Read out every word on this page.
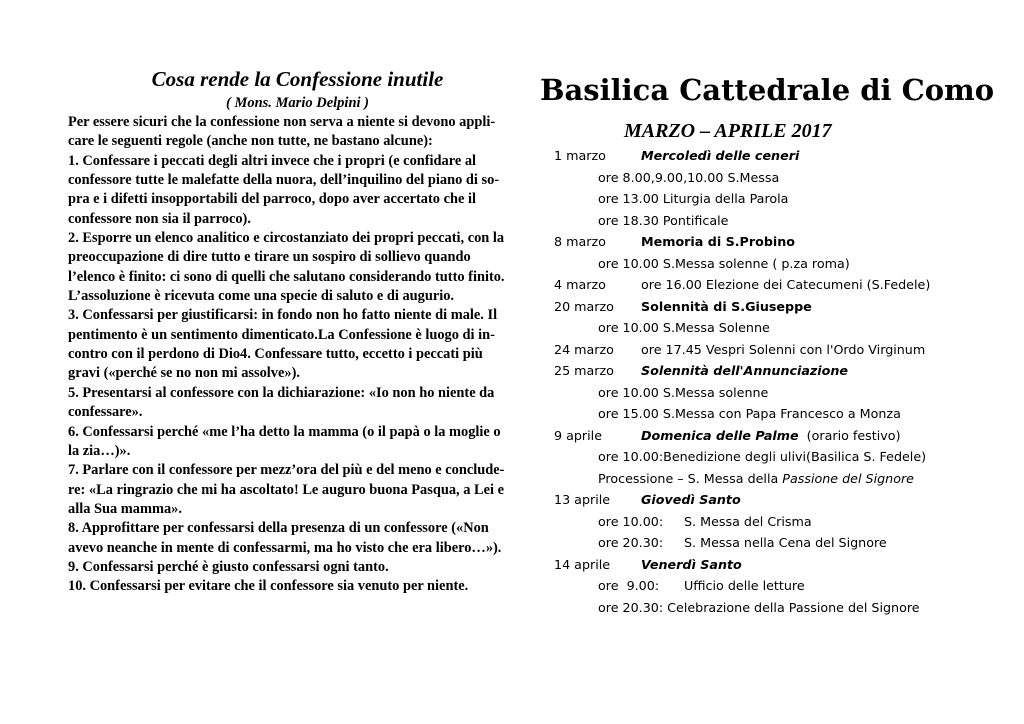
Cosa rende la Confessione inutile
( Mons. Mario Delpini )

Per essere sicuri che la confessione non serva a niente si devono appli-
care le seguenti regole (anche non tutte, ne bastano alcune):
1. Confessare i peccati degli altri invece che i propri (e confidare al
confessore tutte le malefatte della nuora, dell’inquilino del piano di so-
pra e i difetti insopportabili del parroco, dopo aver accertato che il
confessore non sia il parroco).
2. Esporre un elenco analitico e circostanziato dei propri peccati, con la
preoccupazione di dire tutto e tirare un sospiro di sollievo quando
l’elenco è finito: ci sono di quelli che salutano considerando tutto finito.
L’assoluzione è ricevuta come una specie di saluto e di augurio.
3. Confessarsi per giustificarsi: in fondo non ho fatto niente di male. Il
pentimento è un sentimento dimenticato.La Confessione è luogo di in-
contro con il perdono di Dio4. Confessare tutto, eccetto i peccati più
gravi («perché se no non mi assolve»).
5. Presentarsi al confessore con la dichiarazione: «Io non ho niente da
confessare».
6. Confessarsi perché «me l’ha detto la mamma (o il papà o la moglie o
la zia…)».
7. Parlare con il confessore per mezz’ora del più e del meno e conclude-
re: «La ringrazio che mi ha ascoltato! Le auguro buona Pasqua, a Lei e
alla Sua mamma».
8. Approfittare per confessarsi della presenza di un confessore («Non
avevo neanche in mente di confessarmi, ma ho visto che era libero…»).
9. Confessarsi perché è giusto confessarsi ogni tanto.
10. Confessarsi per evitare che il confessore sia venuto per niente.

Basilica Cattedrale di Como
MARZO – APRILE 2017
1 marzo	Mercoledì delle ceneri
ore 8.00,9.00,10.00 S.Messa
ore 13.00 Liturgia della Parola
ore 18.30 Pontificale
8 marzo	Memoria di S.Probino
ore 10.00 S.Messa solenne ( p.za roma)
4 marzo	ore 16.00 Elezione dei Catecumeni (S.Fedele)
20 marzo Solennità di S.Giuseppe
ore 10.00 S.Messa Solenne
24 marzo ore 17.45 Vespri Solenni con l'Ordo Virginum
25 marzo Solennità dell'Annunciazione
ore 10.00 S.Messa solenne
ore 15.00 S.Messa con Papa Francesco a Monza
9 aprile	Domenica delle Palme (orario festivo)
ore 10.00:Benedizione degli ulivi(Basilica S. Fedele)
Processione – S. Messa della Passione del Signore
13 aprile Giovedì Santo
ore 10.00: S. Messa del Crisma
ore 20.30: S. Messa nella Cena del Signore
14 aprile Venerdì Santo
ore  9.00: Ufficio delle letture
ore 20.30: Celebrazione della Passione del Signore
